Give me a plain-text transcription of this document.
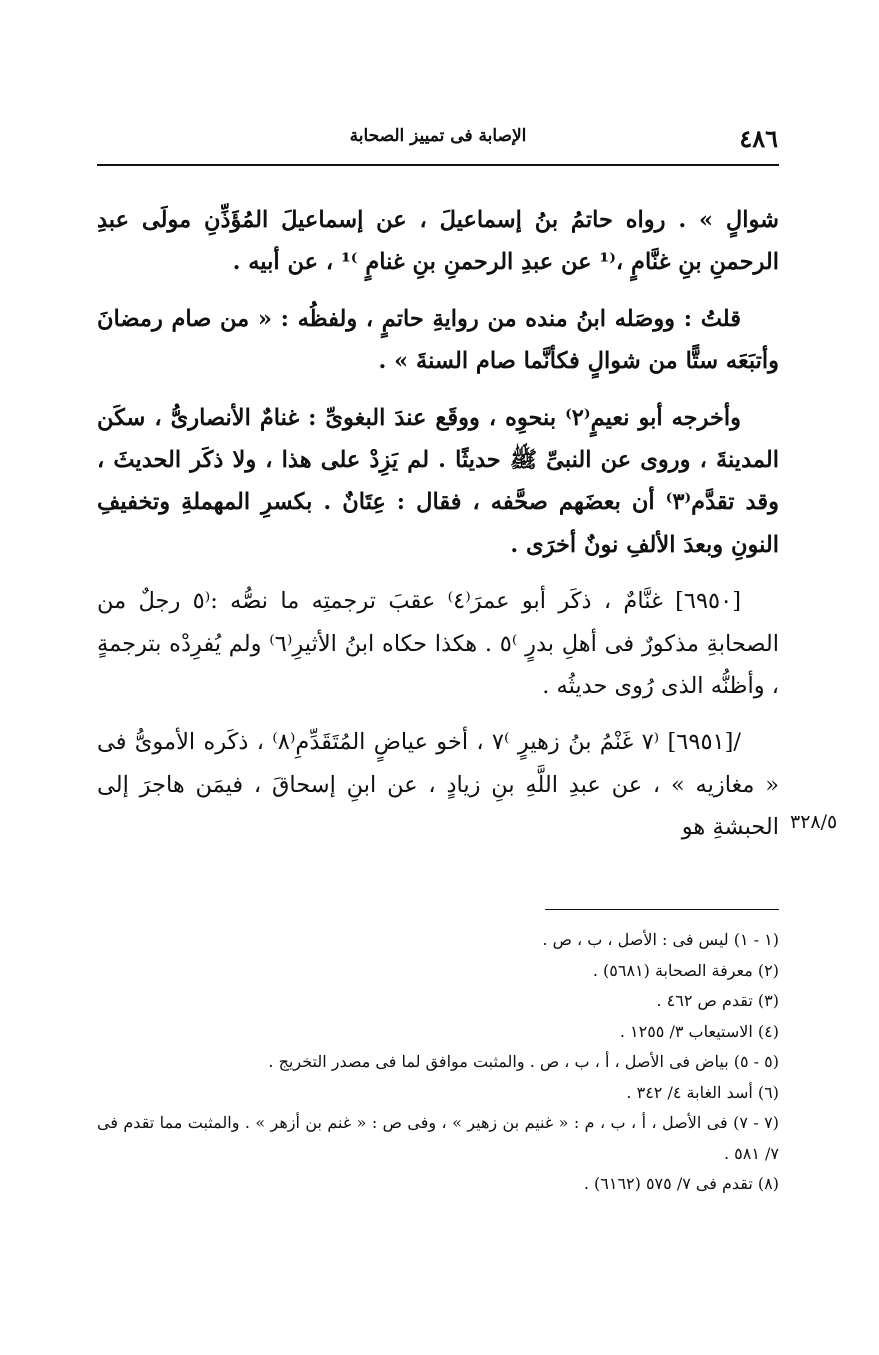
٤٨٦
الإصابة فى تمييز الصحابة

شوالٍ » . رواه حاتمُ بنُ إسماعيلَ ، عن إسماعيلَ المُؤَذِّنِ مولَى عبدِ الرحمنِ بنِ غنَّامٍ ،⁽¹ عن عبدِ الرحمنِ بنِ غنامٍ ⁾¹ ، عن أبيه .

قلتُ : ووصَله ابنُ منده من روايةِ حاتمٍ ، ولفظُه : « من صام رمضانَ وأتبَعَه ستًّا من شوالٍ فكأنَّما صام السنةَ » .

وأخرجه أبو نعيمٍ⁽٢⁾ بنحوِه ، ووقَع عندَ البغوىِّ : غنامٌ الأنصارىُّ ، سكَن المدينةَ ، وروى عن النبىِّ ﷺ حديثًا . لم يَزِدْ على هذا ، ولا ذكَر الحديثَ ، وقد تقدَّم⁽٣⁾ أن بعضَهم صحَّفه ، فقال : عِتَانٌ . بكسرِ المهملةِ وتخفيفِ النونِ وبعدَ الألفِ نونٌ أخرَى .

[٦٩٥٠] غنَّامٌ ، ذكَر أبو عمرَ⁽٤⁾ عقبَ ترجمتِه ما نصُّه :⁽٥ رجلٌ من الصحابةِ مذكورٌ فى أهلِ بدرٍ ⁾٥ . هكذا حكاه ابنُ الأثيرِ⁽٦⁾ ولم يُفرِدْه بترجمةٍ ، وأظنُّه الذى رُوى حديثُه .

/[٦٩٥١] ⁽٧ غَنْمُ بنُ زهيرٍ ⁾٧ ، أخو عياضٍ المُتَقَدِّمِ⁽٨⁾ ، ذكَره الأموىُّ فى « مغازيه » ، عن عبدِ اللَّهِ بنِ زيادٍ ، عن ابنِ إسحاقَ ، فيمَن هاجرَ إلى الحبشةِ هو ٣٢٨/٥

(١ - ١) ليس فى : الأصل ، ب ، ص .

(٢) معرفة الصحابة (٥٦٨١) .

(٣) تقدم ص ٤٦٢ .

(٤) الاستيعاب ٣/ ١٢٥٥ .

(٥ - ٥) بياض فى الأصل ، أ ، ب ، ص . والمثبت موافق لما فى مصدر التخريج .

(٦) أسد الغابة ٤/ ٣٤٢ .

(٧ - ٧) فى الأصل ، أ ، ب ، م : « غنيم بن زهير » ، وفى ص : « غنم بن أزهر » . والمثبت مما تقدم فى ٧/ ٥٨١ .

(٨) تقدم فى ٧/ ٥٧٥ (٦١٦٢) .
